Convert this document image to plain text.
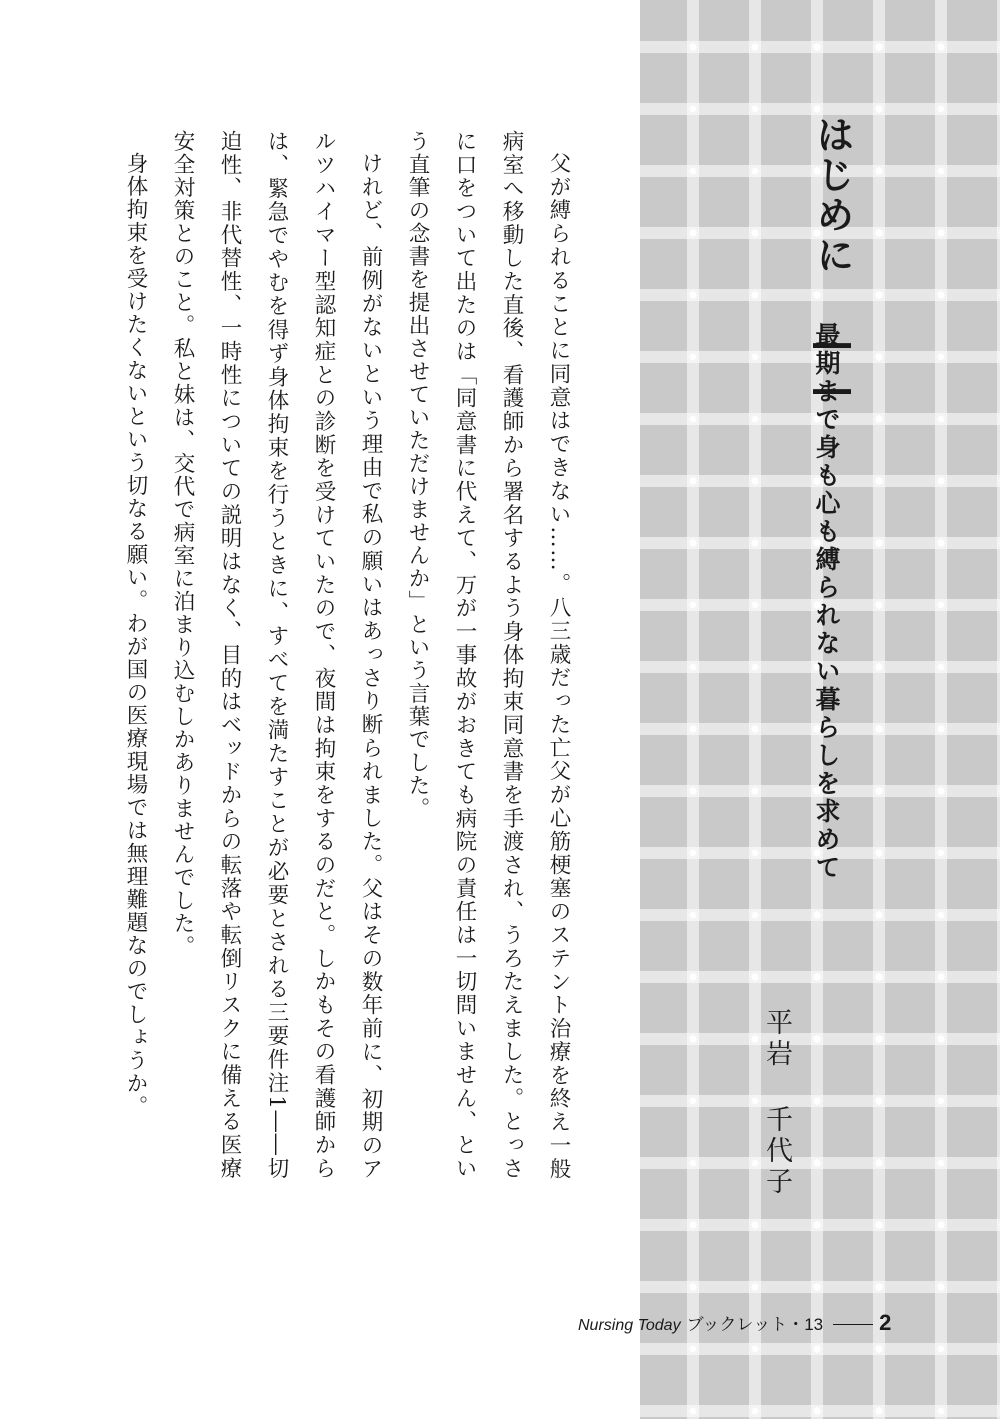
はじめに ――
最期まで身も心も縛られない暮らしを求めて
平岩 千代子

父が縛られることに同意はできない……。八三歳だった亡父が心筋梗塞のステント治療を終え一般病室へ移動した直後、看護師から署名するよう身体拘束同意書を手渡され、うろたえました。とっさに口をついて出たのは「同意書に代えて、万が一事故がおきても病院の責任は一切問いません、という直筆の念書を提出させていただけませんか」という言葉でした。

けれど、前例がないという理由で私の願いはあっさり断られました。父はその数年前に、初期のアルツハイマー型認知症との診断を受けていたので、夜間は拘束をするのだと。しかもその看護師からは、緊急でやむを得ず身体拘束を行うときに、すべてを満たすことが必要とされる三要件注1――切迫性、非代替性、一時性についての説明はなく、目的はベッドからの転落や転倒リスクに備える医療安全対策とのこと。私と妹は、交代で病室に泊まり込むしかありませんでした。

身体拘束を受けたくないという切なる願い。わが国の医療現場では無理難題なのでしょうか。

Nursing Today ブックレット・13	2
